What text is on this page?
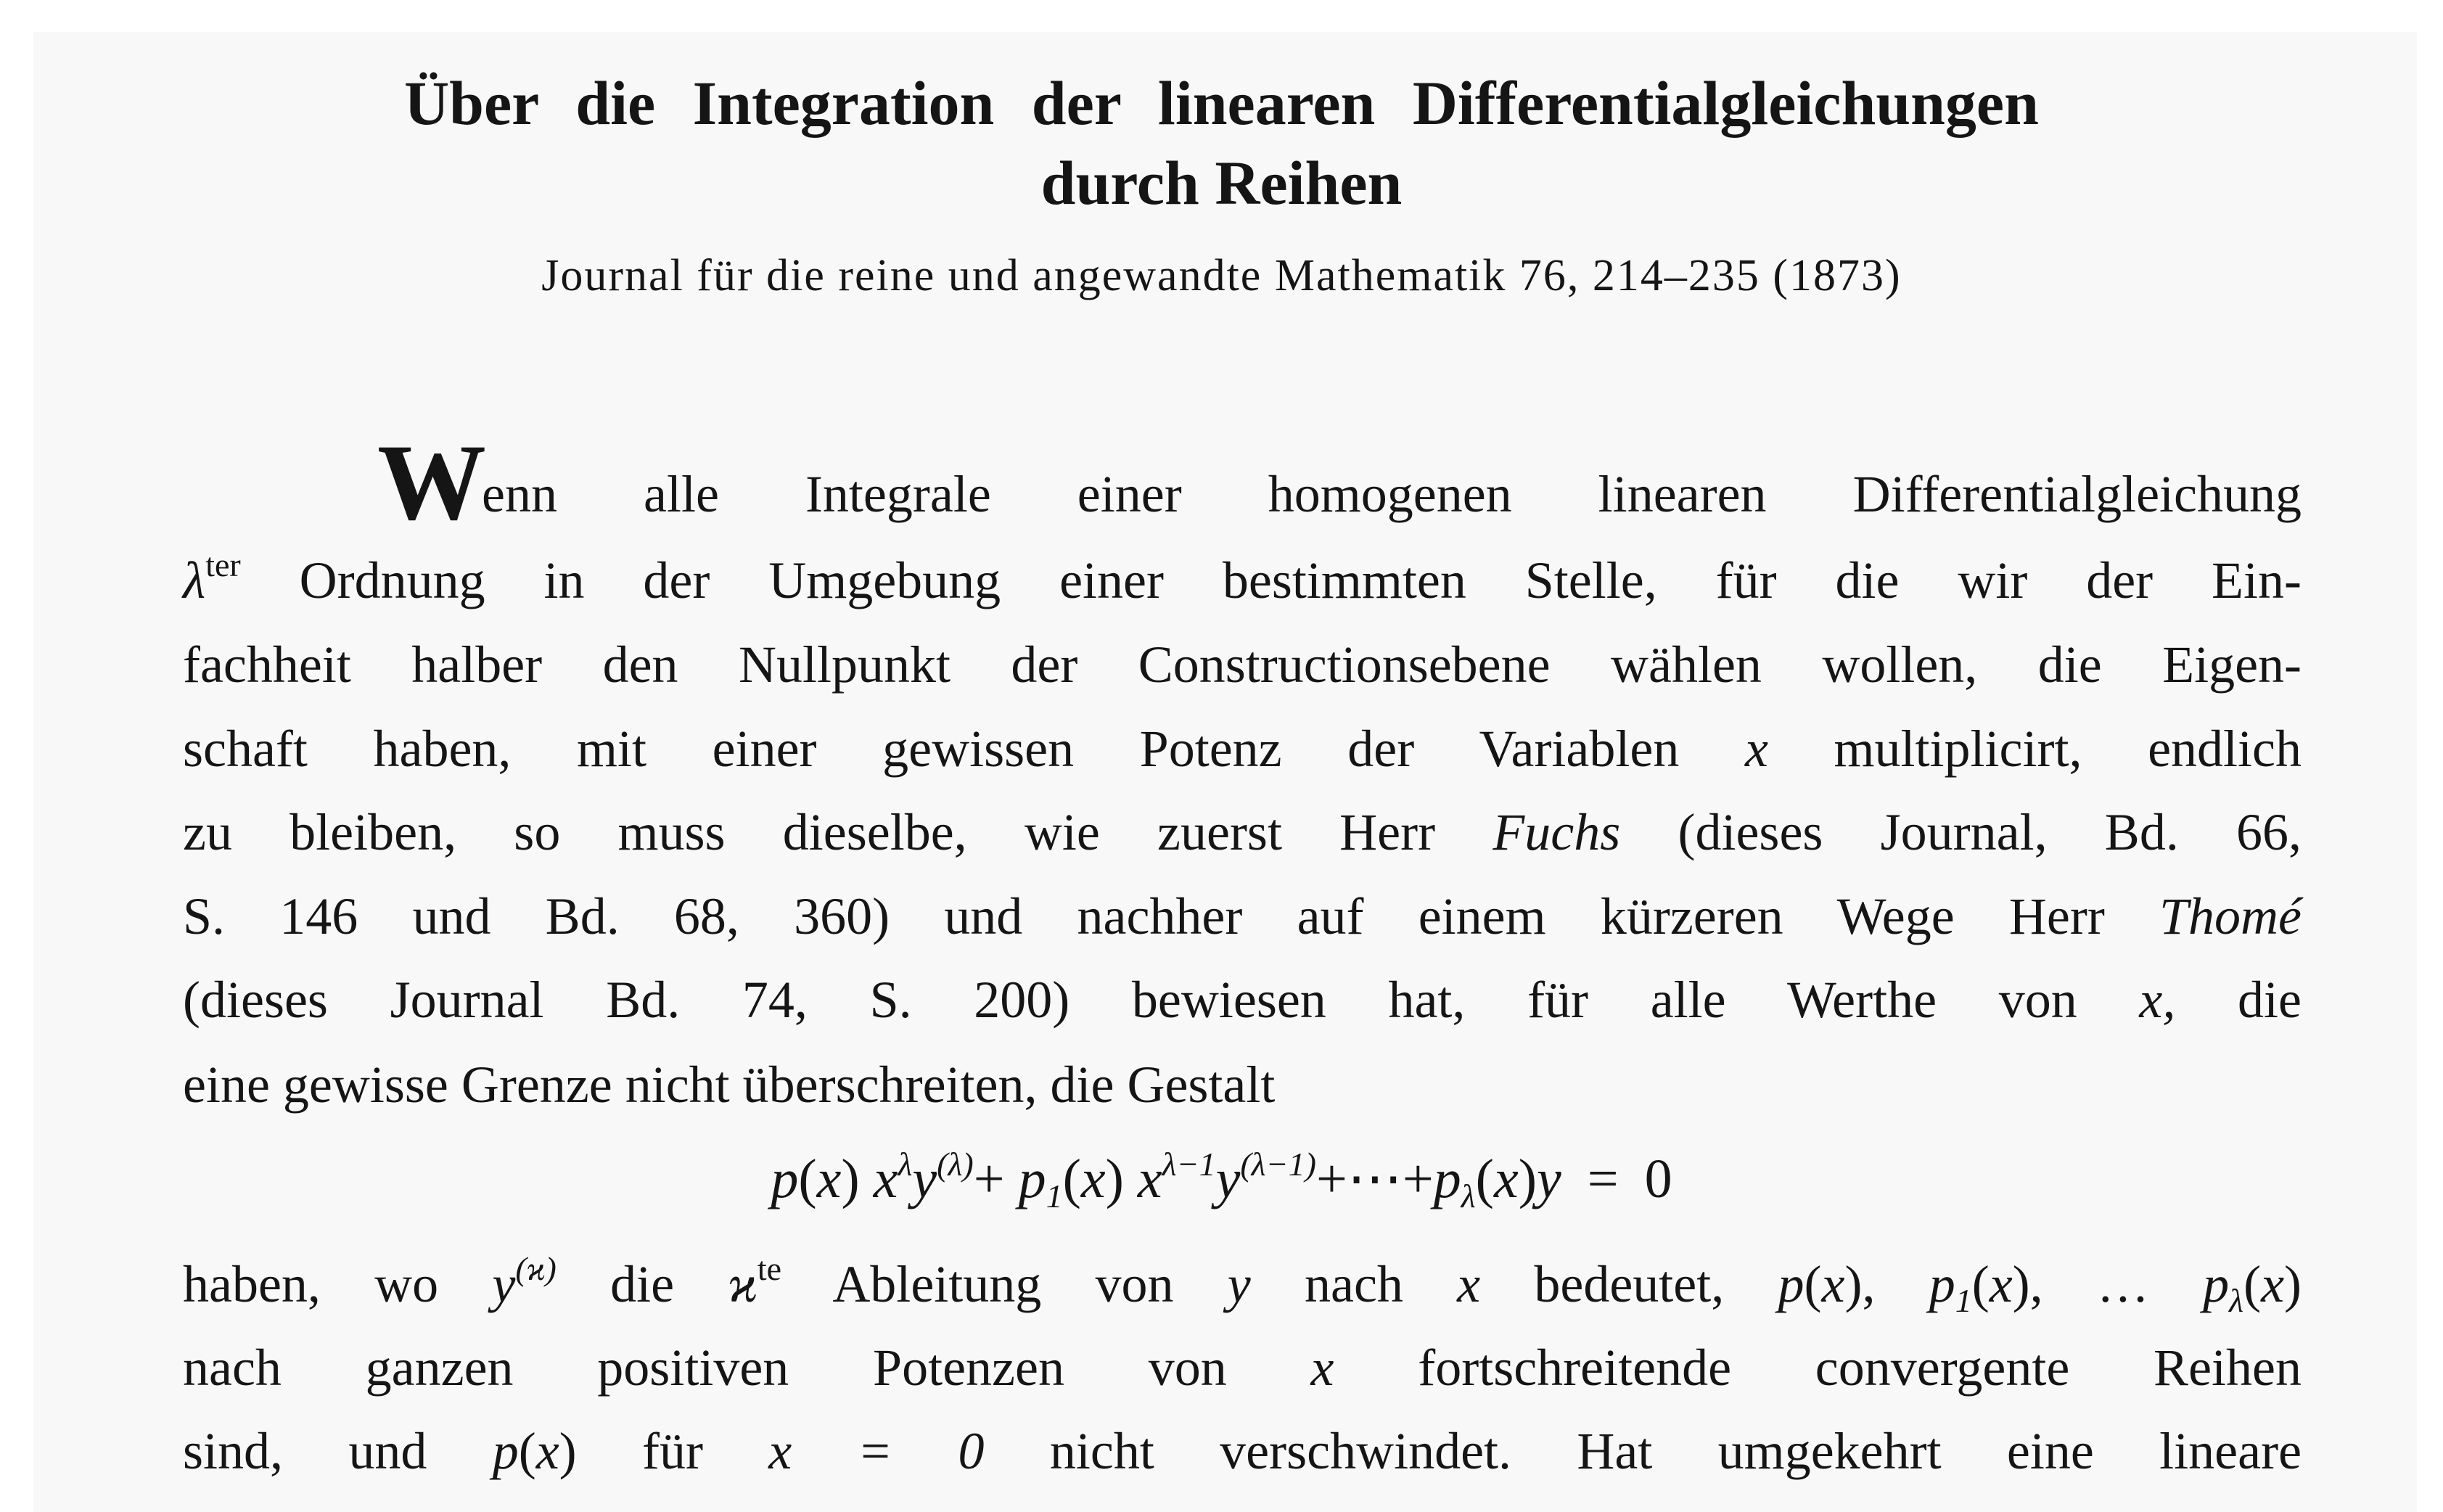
Über die Integration der linearen Differentialgleichungen
durch Reihen
Journal für die reine und angewandte Mathematik 76, 214–235 (1873)
Wenn alle Integrale einer homogenen linearen Differentialgleichung
$\lambda^{ter}$ Ordnung in der Umgebung einer bestimmten Stelle, für die wir der Ein-
fachheit halber den Nullpunkt der Constructionsebene wählen wollen, die Eigen-
schaft haben, mit einer gewissen Potenz der Variablen x multiplicirt, endlich
zu bleiben, so muss dieselbe, wie zuerst Herr Fuchs (dieses Journal, Bd. 66,
S. 146 und Bd. 68, 360) und nachher auf einem kürzeren Wege Herr Thomé
(dieses Journal Bd. 74, S. 200) bewiesen hat, für alle Werthe von x, die
eine gewisse Grenze nicht überschreiten, die Gestalt
p(x) $x^\lambda y^{(\lambda)}+ p_1(x)$ $x^{\lambda-1}y^{(\lambda-1)}+\cdots+p_\lambda(x)y = 0$
haben, wo $y^{(ϰ)}$ die $ϰ^{te}$ Ableitung von y nach x bedeutet, p(x), $p_1(x)$, … $p_\lambda(x)$
nach ganzen positiven Potenzen von x fortschreitende convergente Reihen
sind, und p(x) für x = 0 nicht verschwindet. Hat umgekehrt eine lineare
